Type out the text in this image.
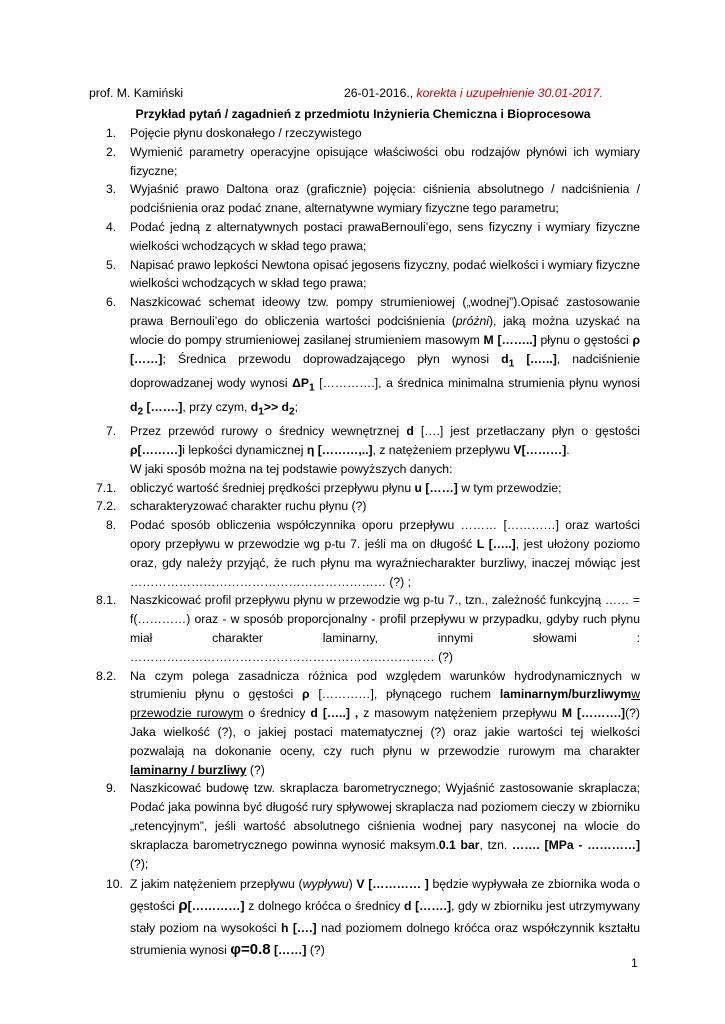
prof. M. Kamiński	26-01-2016., korekta i uzupełnienie 30.01-2017.
Przykład pytań / zagadnień z przedmiotu Inżynieria Chemiczna i Bioprocesowa

1. Pojęcie płynu doskonałego / rzeczywistego

2. Wymienić parametry operacyjne opisujące właściwości obu rodzajów płynówi ich wymiary fizyczne;

3. Wyjaśnić prawo Daltona oraz (graficznie) pojęcia: ciśnienia absolutnego / nadciśnienia / podciśnienia oraz podać znane, alternatywne wymiary fizyczne tego parametru;

4. Podać jedną z alternatywnych postaci prawaBernouli’ego, sens fizyczny i wymiary fizyczne wielkości wchodzących w skład tego prawa;

5. Napisać prawo lepkości Newtona opisać jegosens fizyczny, podać wielkości i wymiary fizyczne wielkości wchodzących w skład tego prawa;

6. Naszkicować schemat ideowy tzw. pompy strumieniowej („wodnej”).Opisać zastosowanie prawa Bernouli’ego do obliczenia wartości podciśnienia (próżni), jaką można uzyskać na wlocie do pompy strumieniowej zasilanej strumieniem masowym M [……..] płynu o gęstości ρ [……]; Średnica przewodu doprowadzającego płyn wynosi $d_1$ [.…..], nadciśnienie doprowadzanej wody wynosi $\Delta P_1$ [………….], a średnica minimalna strumienia płynu wynosi $d_2$ […….], przy czym, $d_1>> d_2$;

7. Przez przewód rurowy o średnicy wewnętrznej d [….] jest przetłaczany płyn o gęstości ρ[………]i lepkości dynamicznej η [………,..], z natężeniem przepływu V[………].
W jaki sposób można na tej podstawie powyższych danych:

7.1. obliczyć wartość średniej prędkości przepływu płynu u [……] w tym przewodzie;

7.2. scharakteryzować charakter ruchu płynu (?)

8. Podać sposób obliczenia współczynnika oporu przepływu ……… […………] oraz wartości opory przepływu w przewodzie wg p-tu 7. jeśli ma on długość L […..], jest ułożony poziomo oraz, gdy należy przyjąć, że ruch płynu ma wyraźniecharakter burzliwy, inaczej mówiąc jest ……………………………………………………… (?) ;

8.1. Naszkicować profil przepływu płynu w przewodzie wg p-tu 7., tzn., zależność funkcyjną …… = f(…………) oraz - w sposób proporcjonalny - profil przepływu w przypadku, gdyby ruch płynu miał charakter laminarny, innymi słowami : ………………………………………………………………… (?)

8.2. Na czym polega zasadnicza różnica pod względem warunków hydrodynamicznych w strumieniu płynu o gęstości ρ […………], płynącego ruchem laminarnym/burzliwymw przewodzie rurowym o średnicy d […..] , z masowym natężeniem przepływu M [……….](?) Jaka wielkość (?), o jakiej postaci matematycznej (?) oraz jakie wartości tej wielkości pozwalają na dokonanie oceny, czy ruch płynu w przewodzie rurowym ma charakter laminarny / burzliwy (?)

9. Naszkicować budowę tzw. skraplacza barometrycznego; Wyjaśnić zastosowanie skraplacza; Podać jaka powinna być długość rury spływowej skraplacza nad poziomem cieczy w zbiorniku „retencyjnym”, jeśli wartość absolutnego ciśnienia wodnej pary nasyconej na wlocie do skraplacza barometrycznego powinna wynosić maksym.0.1 bar, tzn. ……. [MPa - …………] (?);

10. Z jakim natężeniem przepływu (wypływu) V [………… ] będzie wypływała ze zbiornika woda o gęstości ρ[…………] z dolnego króćca o średnicy d […….], gdy w zbiorniku jest utrzymywany stały poziom na wysokości h [….] nad poziomem dolnego króćca oraz współczynnik kształtu strumienia wynosi φ=0.8 [……] (?)

1
